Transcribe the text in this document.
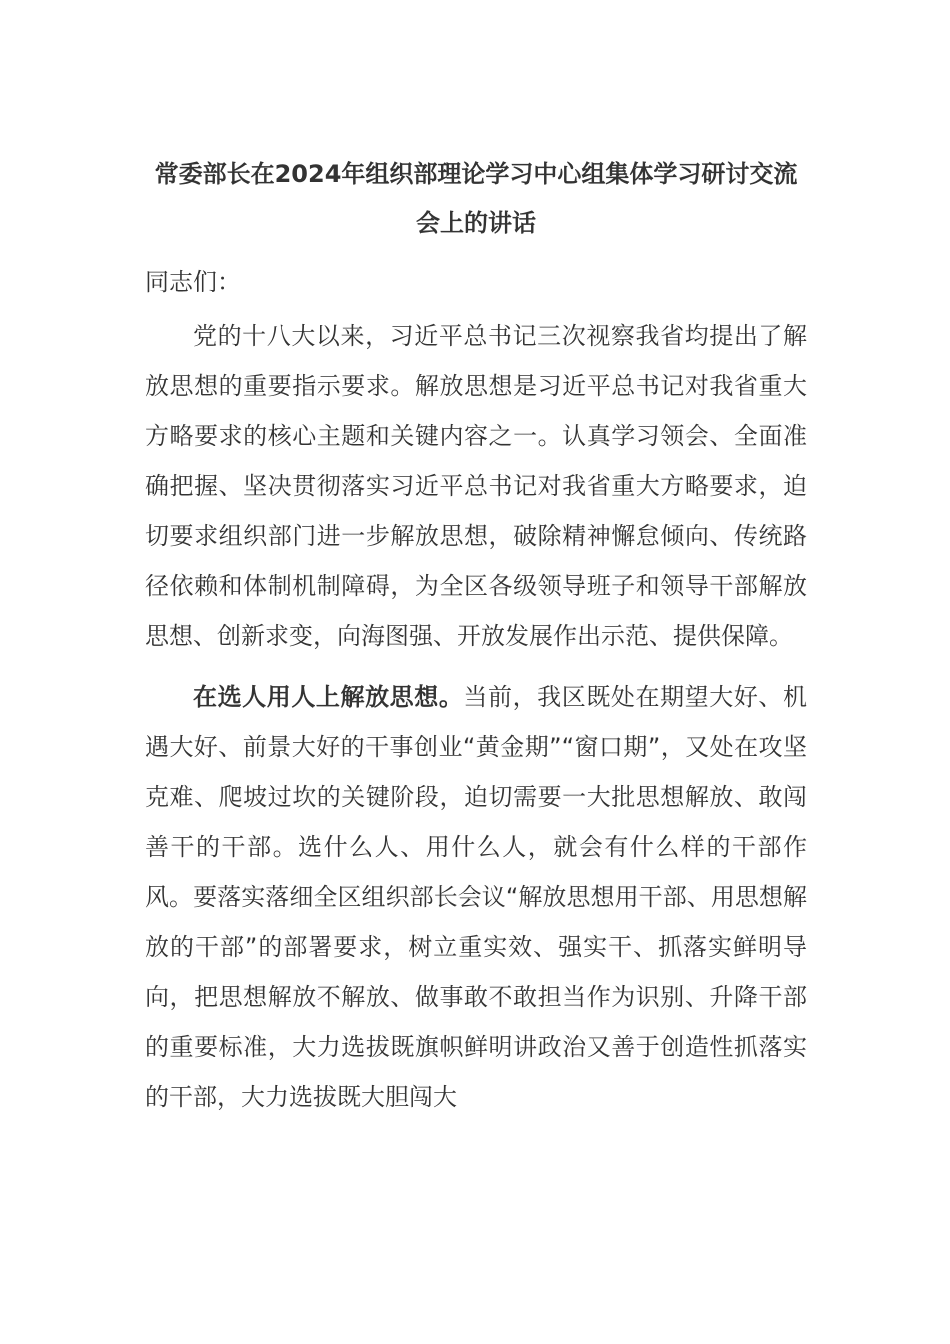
常委部长在2024年组织部理论学习中心组集体学习研讨交流会上的讲话
同志们：

党的十八大以来，习近平总书记三次视察我省均提出了解放思想的重要指示要求。解放思想是习近平总书记对我省重大方略要求的核心主题和关键内容之一。认真学习领会、全面准确把握、坚决贯彻落实习近平总书记对我省重大方略要求，迫切要求组织部门进一步解放思想，破除精神懈怠倾向、传统路径依赖和体制机制障碍，为全区各级领导班子和领导干部解放思想、创新求变，向海图强、开放发展作出示范、提供保障。

在选人用人上解放思想。当前，我区既处在期望大好、机遇大好、前景大好的干事创业“黄金期”“窗口期”，又处在攻坚克难、爬坡过坎的关键阶段，迫切需要一大批思想解放、敢闯善干的干部。选什么人、用什么人，就会有什么样的干部作风。要落实落细全区组织部长会议“解放思想用干部、用思想解放的干部”的部署要求，树立重实效、强实干、抓落实鲜明导向，把思想解放不解放、做事敢不敢担当作为识别、升降干部的重要标准，大力选拔既旗帜鲜明讲政治又善于创造性抓落实的干部，大力选拔既大胆闯大
